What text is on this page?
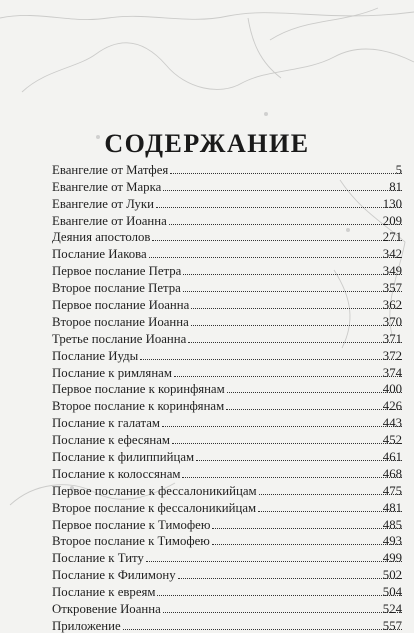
СОДЕРЖАНИЕ
Евангелие от Матфея	5
Евангелие от Марка	81
Евангелие от Луки	130
Евангелие от Иоанна	209
Деяния апостолов	271
Послание Иакова	342
Первое послание Петра	349
Второе послание Петра	357
Первое послание Иоанна	362
Второе послание Иоанна	370
Третье послание Иоанна	371
Послание Иуды	372
Послание к римлянам	374
Первое послание к коринфянам	400
Второе послание к коринфянам	426
Послание к галатам	443
Послание к ефесянам	452
Послание к филиппийцам	461
Послание к колоссянам	468
Первое послание к фессалоникийцам	475
Второе послание к фессалоникийцам	481
Первое послание к Тимофею	485
Второе послание к Тимофею	493
Послание к Титу	499
Послание к Филимону	502
Послание к евреям	504
Откровение Иоанна	524
Приложение	557
